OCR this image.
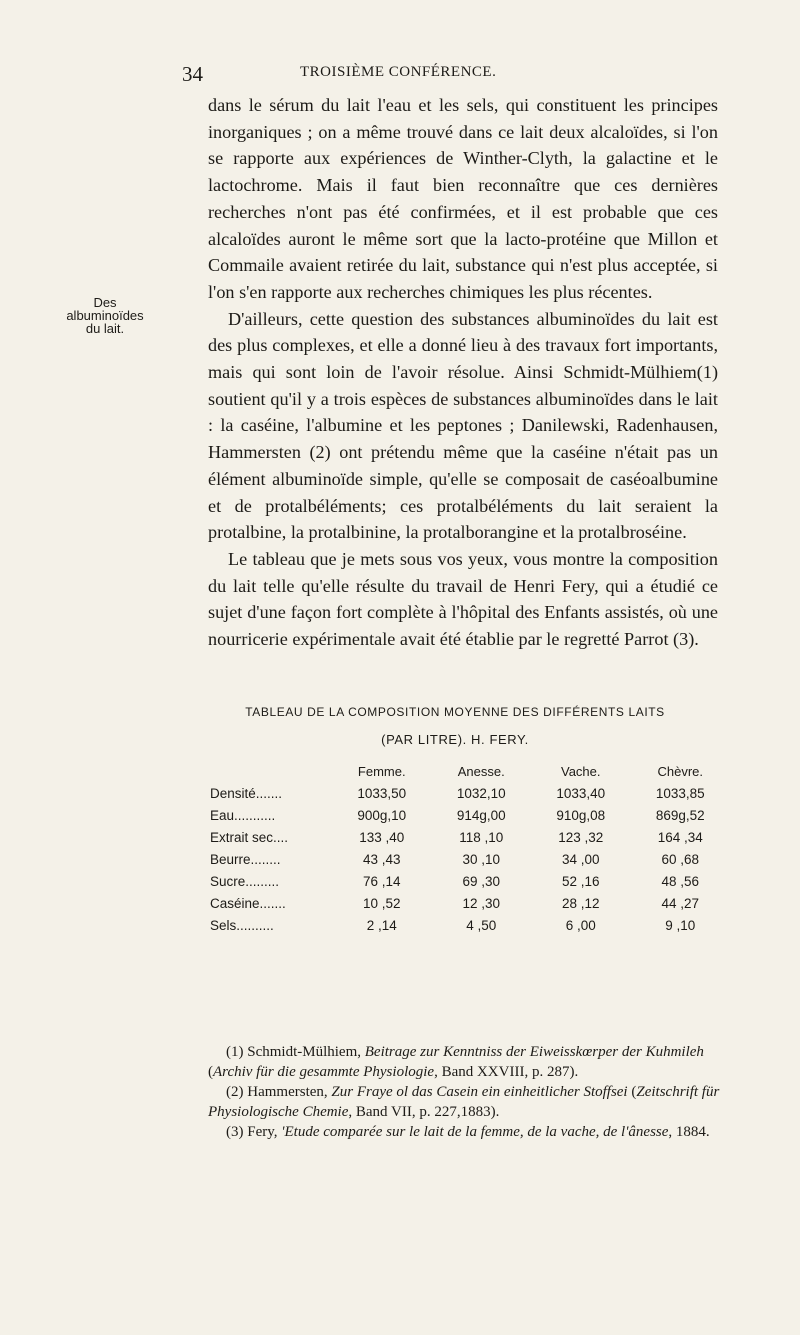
34	TROISIÈME CONFÉRENCE.
Des
albuminoïdes
du lait.

dans le sérum du lait l'eau et les sels, qui constituent les principes inorganiques ; on a même trouvé dans ce lait deux alcaloïdes, si l'on se rapporte aux expériences de Winther-Clyth, la galactine et le lactochrome. Mais il faut bien reconnaître que ces dernières recherches n'ont pas été confirmées, et il est probable que ces alcaloïdes auront le même sort que la lacto-protéine que Millon et Commaile avaient retirée du lait, substance qui n'est plus acceptée, si l'on s'en rapporte aux recherches chimiques les plus récentes.

D'ailleurs, cette question des substances albuminoïdes du lait est des plus complexes, et elle a donné lieu à des travaux fort importants, mais qui sont loin de l'avoir résolue. Ainsi Schmidt-Mülhiem(1) soutient qu'il y a trois espèces de substances albuminoïdes dans le lait : la caséine, l'albumine et les peptones ; Danilewski, Radenhausen, Hammersten (2) ont prétendu même que la caséine n'était pas un élément albuminoïde simple, qu'elle se composait de caséoalbumine et de protalbéléments; ces protalbéléments du lait seraient la protalbine, la protalbinine, la protalborangine et la protalbroséine.

Le tableau que je mets sous vos yeux, vous montre la composition du lait telle qu'elle résulte du travail de Henri Fery, qui a étudié ce sujet d'une façon fort complète à l'hôpital des Enfants assistés, où une nourricerie expérimentale avait été établie par le regretté Parrot (3).

TABLEAU DE LA COMPOSITION MOYENNE DES DIFFÉRENTS LAITS
(PAR LITRE). H. FERY.
	Femme.	Anesse.	Vache.	Chèvre.
Densité.......	1033,50	1032,10	1033,40	1033,85
Eau...........	900g,10	914g,00	910g,08	869g,52
Extrait sec....	133 ,40	118 ,10	123 ,32	164 ,34
Beurre........	43 ,43	30 ,10	34 ,00	60 ,68
Sucre.........	76 ,14	69 ,30	52 ,16	48 ,56
Caséine.......	10 ,52	12 ,30	28 ,12	44 ,27
Sels..........	2 ,14	4 ,50	6 ,00	9 ,10

(1) Schmidt-Mülhiem, Beitrage zur Kenntniss der Eiweisskœrper der Kuhmileh (Archiv für die gesammte Physiologie, Band XXVIII, p. 287).

(2) Hammersten, Zur Fraye ol das Casein ein einheitlicher Stoffsei (Zeitschrift für Physiologische Chemie, Band VII, p. 227,1883).

(3) Fery, 'Etude comparée sur le lait de la femme, de la vache, de l'ânesse, 1884.
